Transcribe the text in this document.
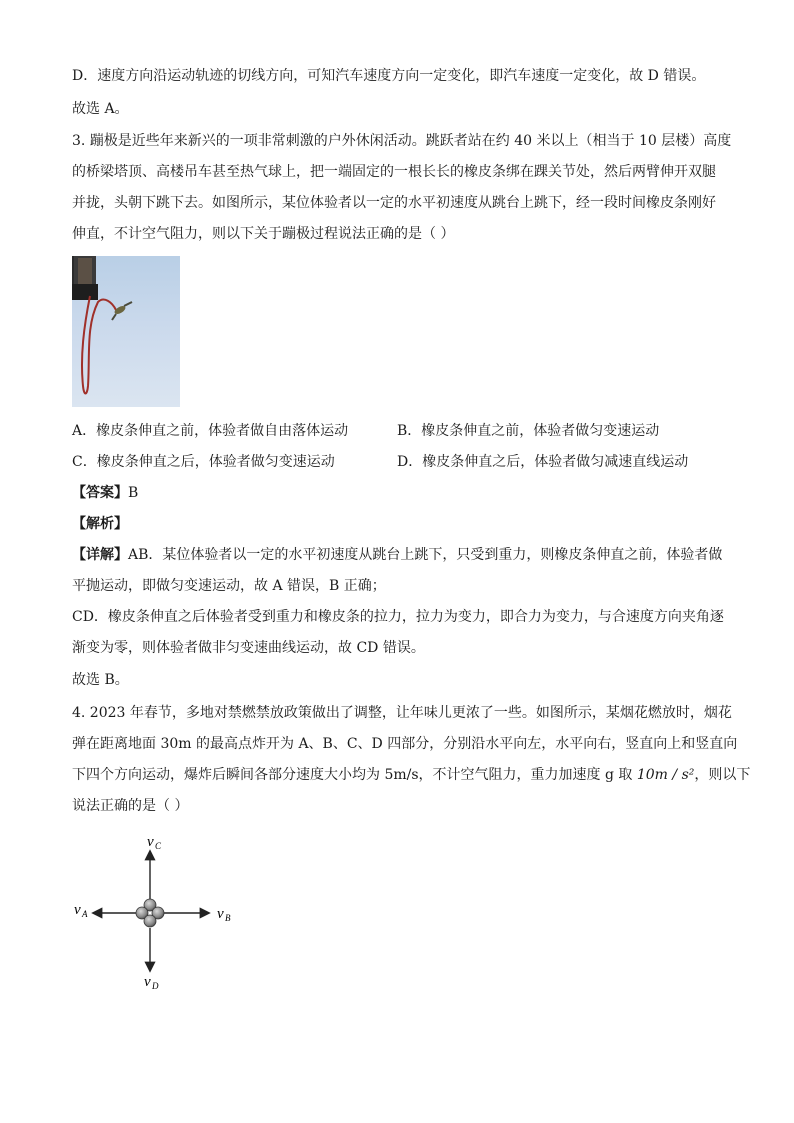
D．速度方向沿运动轨迹的切线方向，可知汽车速度方向一定变化，即汽车速度一定变化，故 D 错误。
故选 A。
3. 蹦极是近些年来新兴的一项非常刺激的户外休闲活动。跳跃者站在约 40 米以上（相当于 10 层楼）高度
的桥梁塔顶、高楼吊车甚至热气球上，把一端固定的一根长长的橡皮条绑在踝关节处，然后两臂伸开双腿
并拢，头朝下跳下去。如图所示，某位体验者以一定的水平初速度从跳台上跳下，经一段时间橡皮条刚好
伸直，不计空气阻力，则以下关于蹦极过程说法正确的是（ ）
A．橡皮条伸直之前，体验者做自由落体运动	B．橡皮条伸直之前，体验者做匀变速运动
C．橡皮条伸直之后，体验者做匀变速运动	D．橡皮条伸直之后，体验者做匀减速直线运动
【答案】B
【解析】
【详解】AB．某位体验者以一定的水平初速度从跳台上跳下，只受到重力，则橡皮条伸直之前，体验者做
平抛运动，即做匀变速运动，故 A 错误，B 正确；
CD．橡皮条伸直之后体验者受到重力和橡皮条的拉力，拉力为变力，即合力为变力，与合速度方向夹角逐
渐变为零，则体验者做非匀变速曲线运动，故 CD 错误。
故选 B。
4. 2023 年春节，多地对禁燃禁放政策做出了调整，让年味儿更浓了一些。如图所示，某烟花燃放时，烟花
弹在距离地面 30m 的最高点炸开为 A、B、C、D 四部分，分别沿水平向左，水平向右，竖直向上和竖直向
下四个方向运动，爆炸后瞬间各部分速度大小均为 5m/s，不计空气阻力，重力加速度 g 取 10m / s²，则以下
说法正确的是（ ）
v C
v A	v B
v D
